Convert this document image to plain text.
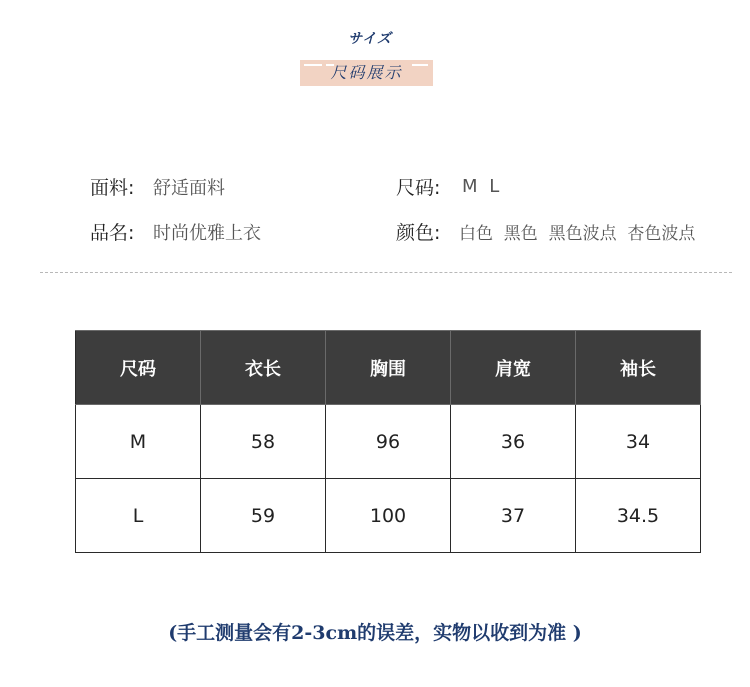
サイズ
尺码展示
面料: 舒适面料	尺码: M L
品名: 时尚优雅上衣	颜色: 白色  黑色  黑色波点  杏色波点
尺码	衣长	胸围	肩宽	袖长
M	58	96	36	34
L	59	100	37	34.5
(手工测量会有2-3cm的误差，实物以收到为准 )
